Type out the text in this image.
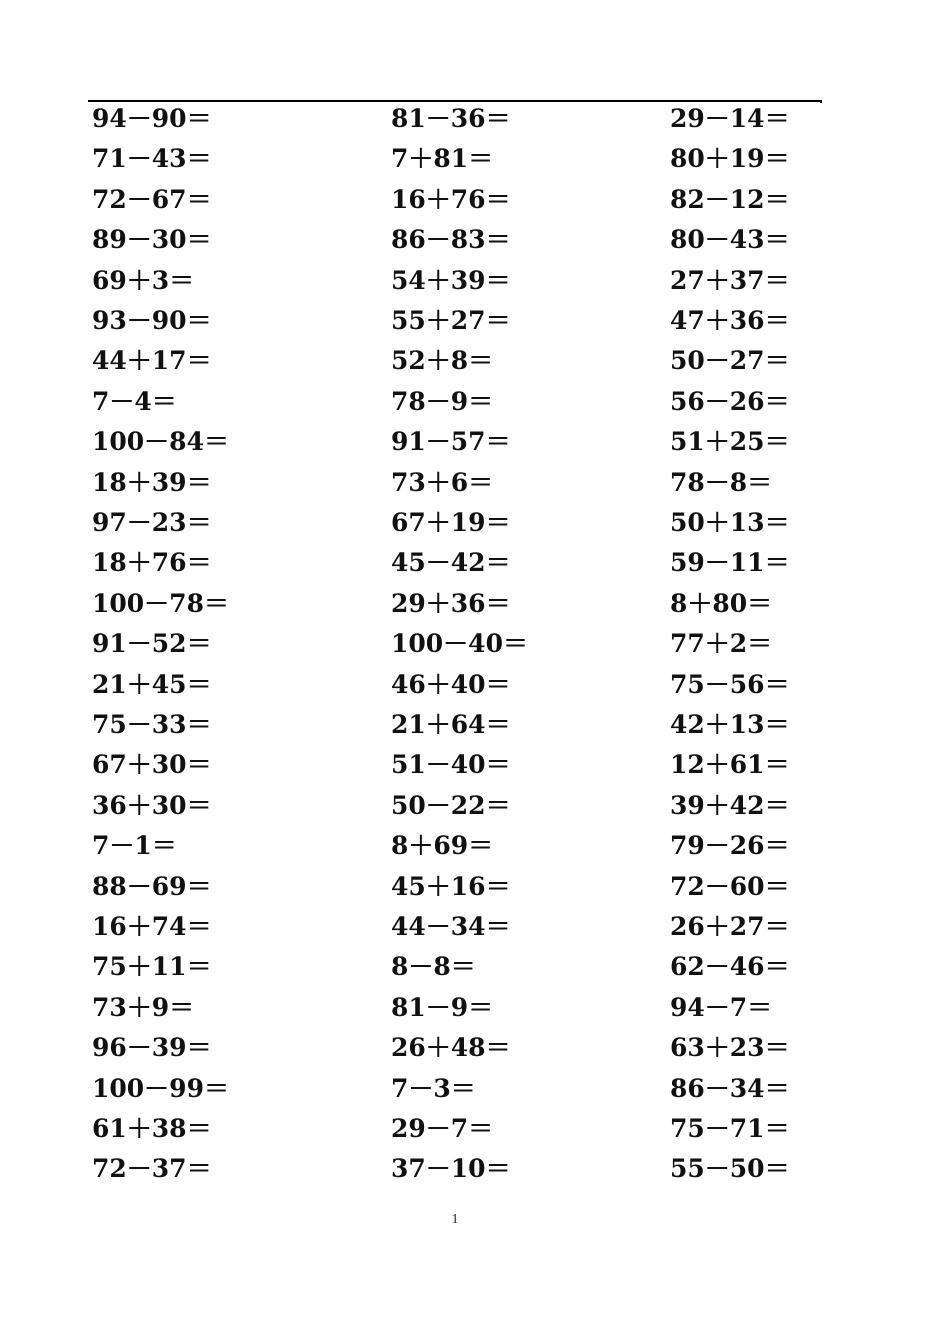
94－90＝	81－36＝	29－14＝
71－43＝	7＋81＝	80＋19＝
72－67＝	16＋76＝	82－12＝
89－30＝	86－83＝	80－43＝
69＋3＝	54＋39＝	27＋37＝
93－90＝	55＋27＝	47＋36＝
44＋17＝	52＋8＝	50－27＝
7－4＝	78－9＝	56－26＝
100－84＝	91－57＝	51＋25＝
18＋39＝	73＋6＝	78－8＝
97－23＝	67＋19＝	50＋13＝
18＋76＝	45－42＝	59－11＝
100－78＝	29＋36＝	8＋80＝
91－52＝	100－40＝	77＋2＝
21＋45＝	46＋40＝	75－56＝
75－33＝	21＋64＝	42＋13＝
67＋30＝	51－40＝	12＋61＝
36＋30＝	50－22＝	39＋42＝
7－1＝	8＋69＝	79－26＝
88－69＝	45＋16＝	72－60＝
16＋74＝	44－34＝	26＋27＝
75＋11＝	8－8＝	62－46＝
73＋9＝	81－9＝	94－7＝
96－39＝	26＋48＝	63＋23＝
100－99＝	7－3＝	86－34＝
61＋38＝	29－7＝	75－71＝
72－37＝	37－10＝	55－50＝
1
